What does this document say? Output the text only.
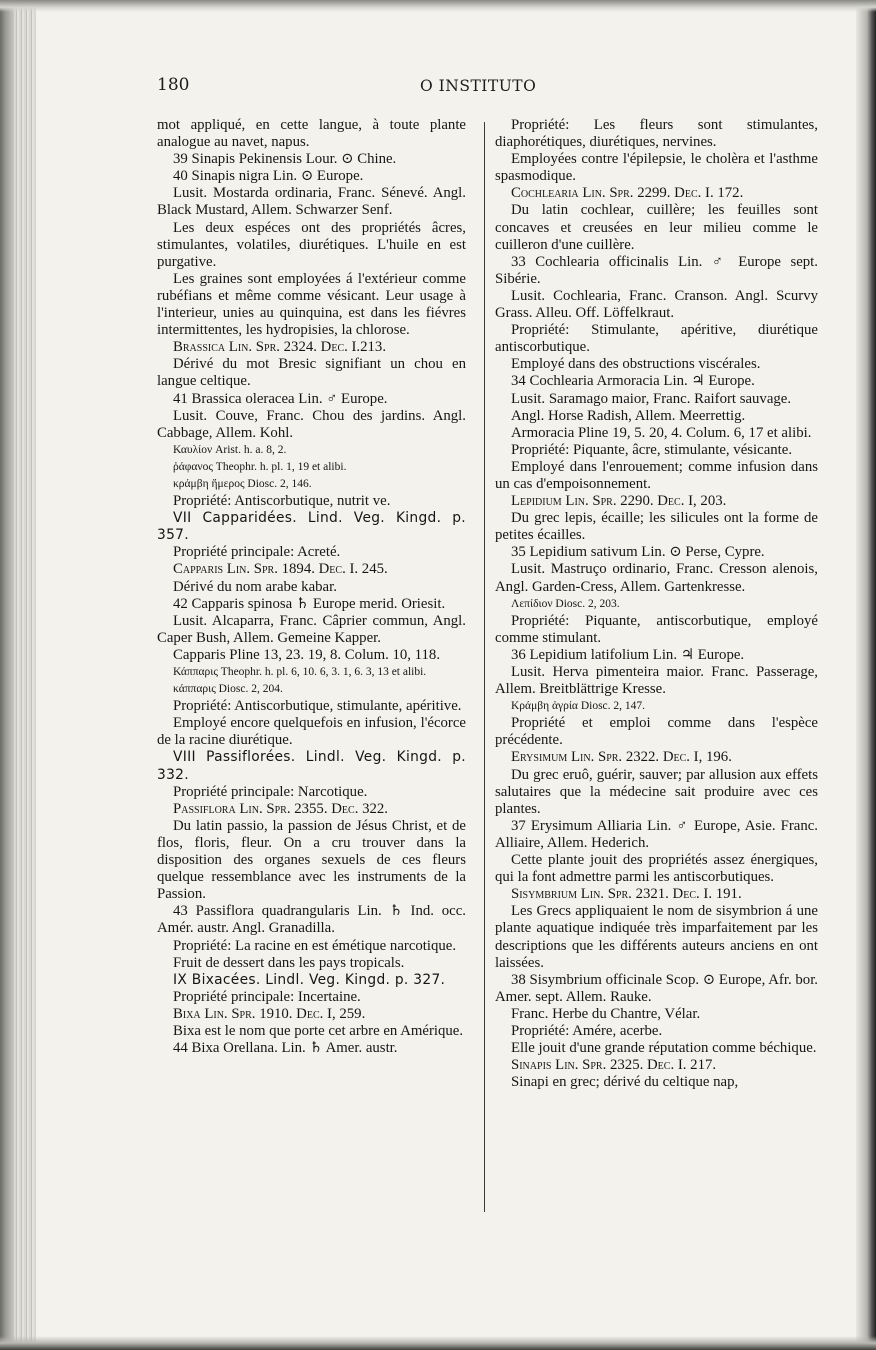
180	O INSTITUTO

mot appliqué, en cette langue, à toute plante analogue au navet, napus.

39 Sinapis Pekinensis Lour. ⊙ Chine.

40 Sinapis nigra Lin. ⊙ Europe.

Lusit. Mostarda ordinaria, Franc. Sénevé. Angl. Black Mustard, Allem. Schwarzer Senf.

Les deux espéces ont des propriétés âcres, stimulantes, volatiles, diurétiques. L'huile en est purgative.

Les graines sont employées á l'extérieur comme rubéfians et même comme vésicant. Leur usage à l'interieur, unies au quinquina, est dans les fiévres intermittentes, les hydropisies, la chlorose.

Brassica Lin. Spr. 2324. Dec. I.213.

Dérivé du mot Bresic signifiant un chou en langue celtique.

41 Brassica oleracea Lin. ♂ Europe.

Lusit. Couve, Franc. Chou des jardins. Angl. Cabbage, Allem. Kohl.

Καυλίον Arist. h. a. 8, 2.

ῥάφανος Theophr. h. pl. 1, 19 et alibi.

κράμβη ἥμερος Diosc. 2, 146.

Propriété: Antiscorbutique, nutrit ve.

VII Capparidées. Lind. Veg. Kingd. p. 357.

Propriété principale: Acreté.

Capparis Lin. Spr. 1894. Dec. I. 245.

Dérivé du nom arabe kabar.

42 Capparis spinosa ♄ Europe merid. Oriesit.

Lusit. Alcaparra, Franc. Câprier commun, Angl. Caper Bush, Allem. Gemeine Kapper.

Capparis Pline 13, 23. 19, 8. Colum. 10, 118.

Κάππαρις Theophr. h. pl. 6, 10. 6, 3. 1, 6. 3, 13 et alibi.

κάππαρις Diosc. 2, 204.

Propriété: Antiscorbutique, stimulante, apéritive.

Employé encore quelquefois en infusion, l'écorce de la racine diurétique.

VIII Passiflorées. Lindl. Veg. Kingd. p. 332.

Propriété principale: Narcotique.

Passiflora Lin. Spr. 2355. Dec. 322.

Du latin passio, la passion de Jésus Christ, et de flos, floris, fleur. On a cru trouver dans la disposition des organes sexuels de ces fleurs quelque ressemblance avec les instruments de la Passion.

43 Passiflora quadrangularis Lin. ♄ Ind. occ. Amér. austr. Angl. Granadilla.

Propriété: La racine en est émétique narcotique.

Fruit de dessert dans les pays tropicals.

IX Bixacées. Lindl. Veg. Kingd. p. 327.

Propriété principale: Incertaine.

Bixa Lin. Spr. 1910. Dec. I, 259.

Bixa est le nom que porte cet arbre en Amérique.

44 Bixa Orellana. Lin. ♄ Amer. austr.

Propriété: Les fleurs sont stimulantes, diaphorétiques, diurétiques, nervines.

Employées contre l'épilepsie, le cholèra et l'asthme spasmodique.

Cochlearia Lin. Spr. 2299. Dec. I. 172.

Du latin cochlear, cuillère; les feuilles sont concaves et creusées en leur milieu comme le cuilleron d'une cuillère.

33 Cochlearia officinalis Lin. ♂ Europe sept. Sibérie.

Lusit. Cochlearia, Franc. Cranson. Angl. Scurvy Grass. Alleu. Off. Löffelkraut.

Propriété: Stimulante, apéritive, diurétique antiscorbutique.

Employé dans des obstructions viscérales.

34 Cochlearia Armoracia Lin. ♃ Europe.

Lusit. Saramago maior, Franc. Raifort sauvage.

Angl. Horse Radish, Allem. Meerrettig.

Armoracia Pline 19, 5. 20, 4. Colum. 6, 17 et alibi.

Propriété: Piquante, âcre, stimulante, vésicante.

Employé dans l'enrouement; comme infusion dans un cas d'empoisonnement.

Lepidium Lin. Spr. 2290. Dec. I, 203.

Du grec lepis, écaille; les silicules ont la forme de petites écailles.

35 Lepidium sativum Lin. ⊙ Perse, Cypre.

Lusit. Mastruço ordinario, Franc. Cresson alenois, Angl. Garden-Cress, Allem. Gartenkresse.

Λεπίδιον Diosc. 2, 203.

Propriété: Piquante, antiscorbutique, employé comme stimulant.

36 Lepidium latifolium Lin. ♃ Europe.

Lusit. Herva pimenteira maior. Franc. Passerage, Allem. Breitblättrige Kresse.

Κράμβη ἀγρία Diosc. 2, 147.

Propriété et emploi comme dans l'espèce précédente.

Erysimum Lin. Spr. 2322. Dec. I, 196.

Du grec eruô, guérir, sauver; par allusion aux effets salutaires que la médecine sait produire avec ces plantes.

37 Erysimum Alliaria Lin. ♂ Europe, Asie. Franc. Alliaire, Allem. Hederich.

Cette plante jouit des propriétés assez énergiques, qui la font admettre parmi les antiscorbutiques.

Sisymbrium Lin. Spr. 2321. Dec. I. 191.

Les Grecs appliquaient le nom de sisymbrion á une plante aquatique indiquée très imparfaitement par les descriptions que les différents auteurs anciens en ont laissées.

38 Sisymbrium officinale Scop. ⊙ Europe, Afr. bor. Amer. sept. Allem. Rauke.

Franc. Herbe du Chantre, Vélar.

Propriété: Amére, acerbe.

Elle jouit d'une grande réputation comme béchique.

Sinapis Lin. Spr. 2325. Dec. I. 217.

Sinapi en grec; dérivé du celtique nap,
